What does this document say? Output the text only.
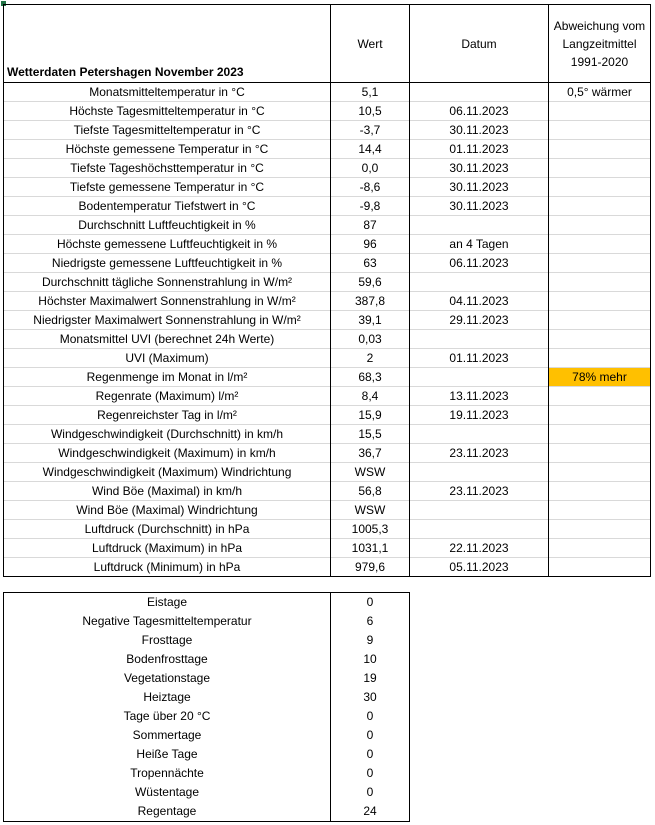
Wetterdaten Petershagen November 2023	Wert	Datum	Abweichung vom Langzeitmittel 1991-2020
Monatsmitteltemperatur in °C	5,1		0,5° wärmer
Höchste Tagesmitteltemperatur in °C	10,5	06.11.2023	
Tiefste Tagesmitteltemperatur in °C	-3,7	30.11.2023	
Höchste gemessene Temperatur in °C	14,4	01.11.2023	
Tiefste Tageshöchsttemperatur in °C	0,0	30.11.2023	
Tiefste gemessene Temperatur in °C	-8,6	30.11.2023	
Bodentemperatur Tiefstwert in °C	-9,8	30.11.2023	
Durchschnitt Luftfeuchtigkeit in %	87		
Höchste gemessene Luftfeuchtigkeit in %	96	an 4 Tagen	
Niedrigste gemessene Luftfeuchtigkeit in %	63	06.11.2023	
Durchschnitt tägliche Sonnenstrahlung in W/m²	59,6		
Höchster Maximalwert Sonnenstrahlung in W/m²	387,8	04.11.2023	
Niedrigster Maximalwert Sonnenstrahlung in W/m²	39,1	29.11.2023	
Monatsmittel UVI (berechnet 24h Werte)	0,03		
UVI (Maximum)	2	01.11.2023	
Regenmenge im Monat in l/m²	68,3		78% mehr
Regenrate (Maximum) l/m²	8,4	13.11.2023	
Regenreichster Tag in l/m²	15,9	19.11.2023	
Windgeschwindigkeit (Durchschnitt) in km/h	15,5		
Windgeschwindigkeit (Maximum) in km/h	36,7	23.11.2023	
Windgeschwindigkeit (Maximum) Windrichtung	WSW		
Wind Böe (Maximal) in km/h	56,8	23.11.2023	
Wind Böe (Maximal) Windrichtung	WSW		
Luftdruck (Durchschnitt) in hPa	1005,3		
Luftdruck (Maximum) in hPa	1031,1	22.11.2023	
Luftdruck (Minimum) in hPa	979,6	05.11.2023	
Eistage	0
Negative Tagesmitteltemperatur	6
Frosttage	9
Bodenfrosttage	10
Vegetationstage	19
Heiztage	30
Tage über 20 °C	0
Sommertage	0
Heiße Tage	0
Tropennächte	0
Wüstentage	0
Regentage	24
